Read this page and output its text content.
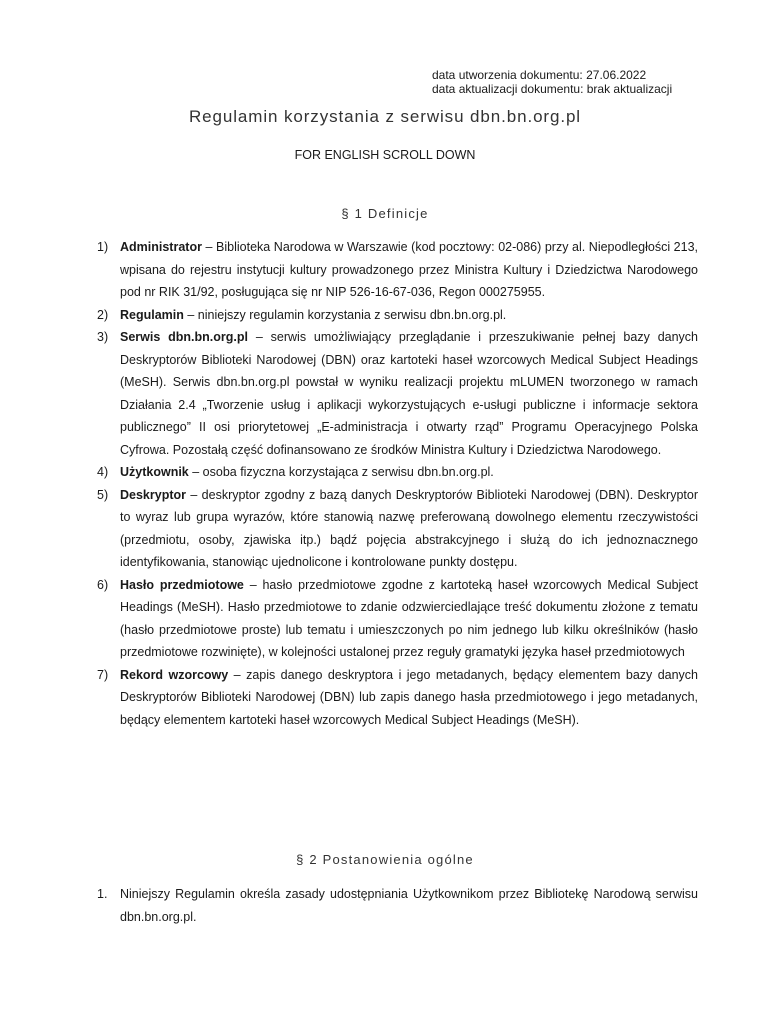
data utworzenia dokumentu: 27.06.2022
data aktualizacji dokumentu: brak aktualizacji
Regulamin korzystania z serwisu dbn.bn.org.pl
FOR ENGLISH SCROLL DOWN
§ 1 Definicje
1) Administrator – Biblioteka Narodowa w Warszawie (kod pocztowy: 02-086) przy al. Niepodległości 213, wpisana do rejestru instytucji kultury prowadzonego przez Ministra Kultury i Dziedzictwa Narodowego pod nr RIK 31/92, posługująca się nr NIP 526-16-67-036, Regon 000275955.
2) Regulamin – niniejszy regulamin korzystania z serwisu dbn.bn.org.pl.
3) Serwis dbn.bn.org.pl – serwis umożliwiający przeglądanie i przeszukiwanie pełnej bazy danych Deskryptorów Biblioteki Narodowej (DBN) oraz kartoteki haseł wzorcowych Medical Subject Headings (MeSH). Serwis dbn.bn.org.pl powstał w wyniku realizacji projektu mLUMEN tworzonego w ramach Działania 2.4 „Tworzenie usług i aplikacji wykorzystujących e-usługi publiczne i informacje sektora publicznego” II osi priorytetowej „E-administracja i otwarty rząd” Programu Operacyjnego Polska Cyfrowa. Pozostałą część dofinansowano ze środków Ministra Kultury i Dziedzictwa Narodowego.
4) Użytkownik – osoba fizyczna korzystająca z serwisu dbn.bn.org.pl.
5) Deskryptor – deskryptor zgodny z bazą danych Deskryptorów Biblioteki Narodowej (DBN). Deskryptor to wyraz lub grupa wyrazów, które stanowią nazwę preferowaną dowolnego elementu rzeczywistości (przedmiotu, osoby, zjawiska itp.) bądź pojęcia abstrakcyjnego i służą do ich jednoznacznego identyfikowania, stanowiąc ujednolicone i kontrolowane punkty dostępu.
6) Hasło przedmiotowe – hasło przedmiotowe zgodne z kartoteką haseł wzorcowych Medical Subject Headings (MeSH). Hasło przedmiotowe to zdanie odzwierciedlające treść dokumentu złożone z tematu (hasło przedmiotowe proste) lub tematu i umieszczonych po nim jednego lub kilku określników (hasło przedmiotowe rozwinięte), w kolejności ustalonej przez reguły gramatyki języka haseł przedmiotowych
7) Rekord wzorcowy – zapis danego deskryptora i jego metadanych, będący elementem bazy danych Deskryptorów Biblioteki Narodowej (DBN) lub zapis danego hasła przedmiotowego i jego metadanych, będący elementem kartoteki haseł wzorcowych Medical Subject Headings (MeSH).
§ 2 Postanowienia ogólne
1. Niniejszy Regulamin określa zasady udostępniania Użytkownikom przez Bibliotekę Narodową serwisu dbn.bn.org.pl.
